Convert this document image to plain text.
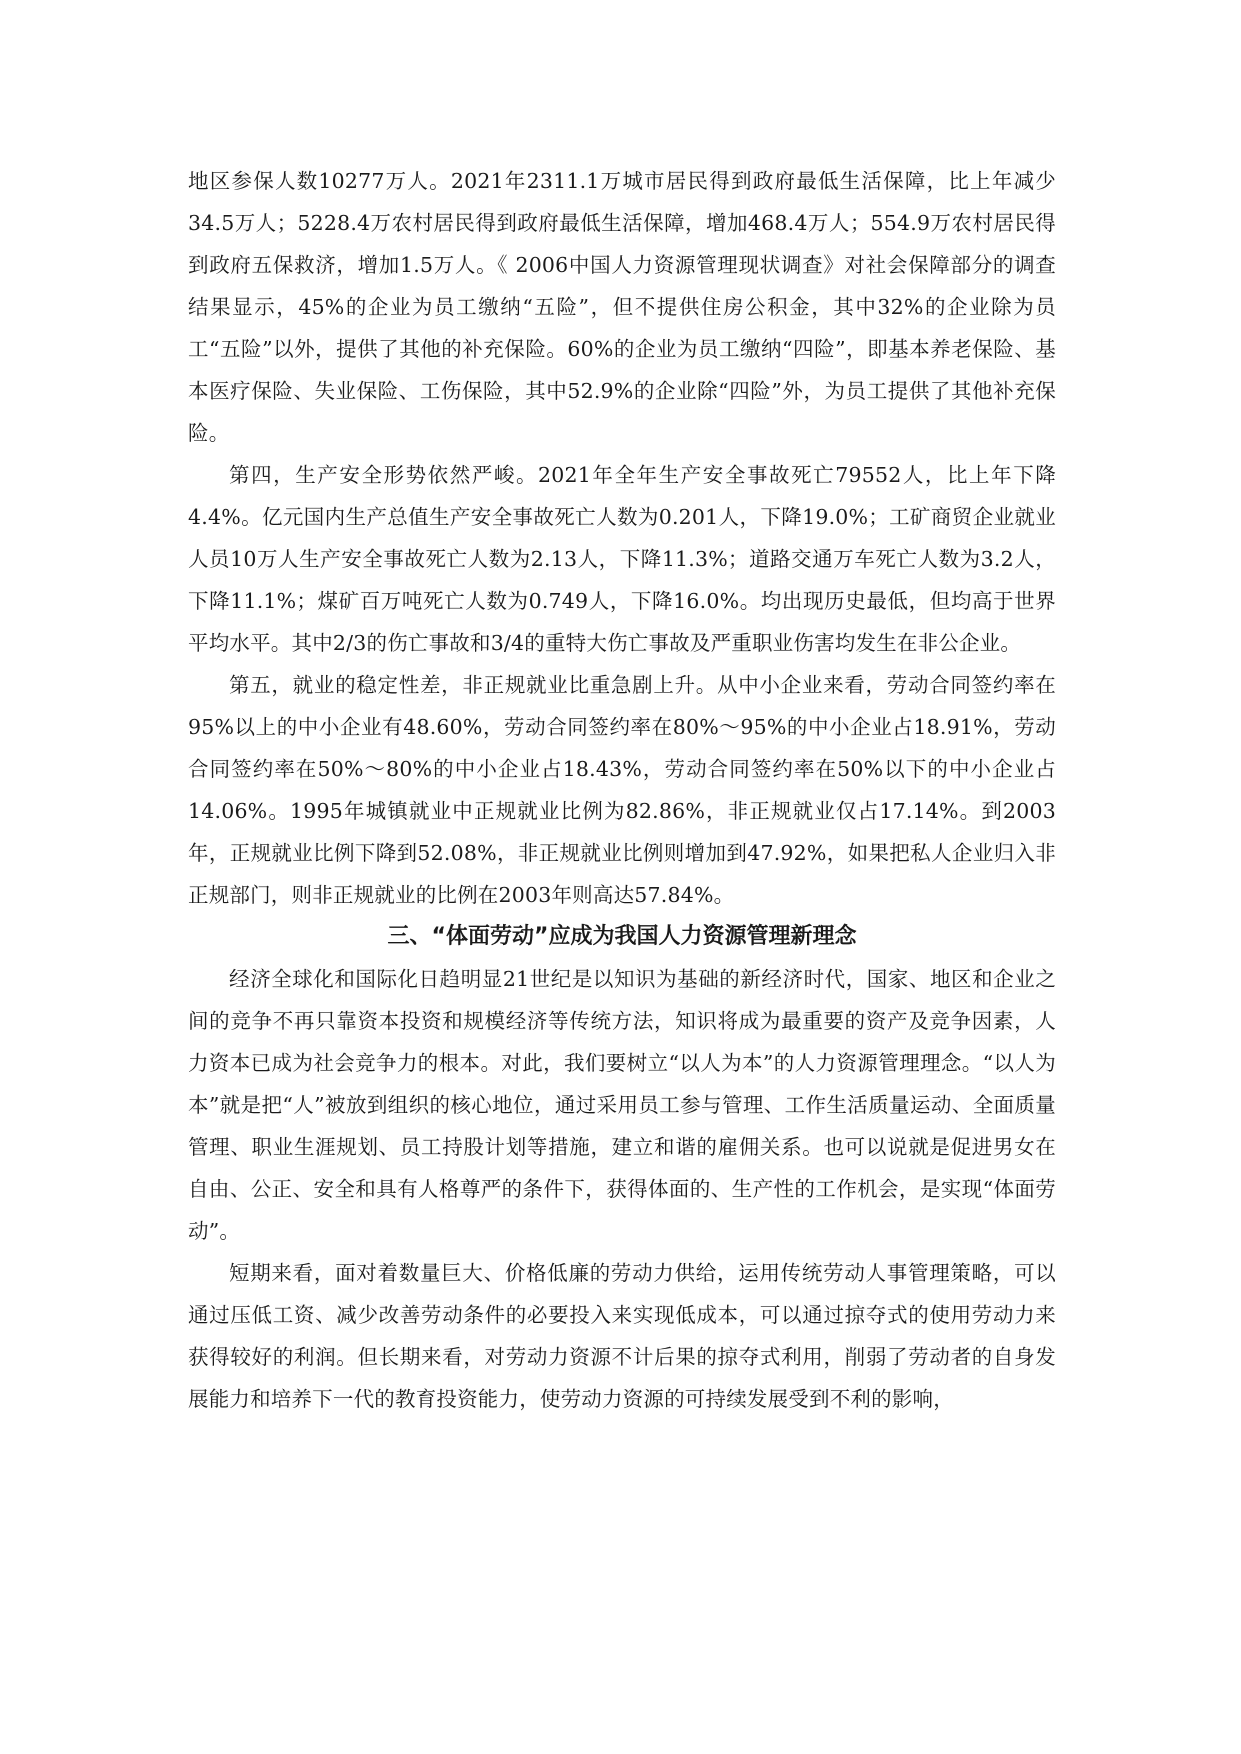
地区参保人数10277万人。2021年2311.1万城市居民得到政府最低生活保障，比上年减少34.5万人；5228.4万农村居民得到政府最低生活保障，增加468.4万人；554.9万农村居民得到政府五保救济，增加1.5万人。《 2006中国人力资源管理现状调查》对社会保障部分的调查结果显示，45%的企业为员工缴纳“五险”，但不提供住房公积金，其中32%的企业除为员工“五险”以外，提供了其他的补充保险。60%的企业为员工缴纳“四险”，即基本养老保险、基本医疗保险、失业保险、工伤保险，其中52.9%的企业除“四险”外，为员工提供了其他补充保险。

第四，生产安全形势依然严峻。2021年全年生产安全事故死亡79552人，比上年下降4.4%。亿元国内生产总值生产安全事故死亡人数为0.201人，下降19.0%；工矿商贸企业就业人员10万人生产安全事故死亡人数为2.13人，下降11.3%；道路交通万车死亡人数为3.2人，下降11.1%；煤矿百万吨死亡人数为0.749人，下降16.0%。均出现历史最低，但均高于世界平均水平。其中2/3的伤亡事故和3/4的重特大伤亡事故及严重职业伤害均发生在非公企业。

第五，就业的稳定性差，非正规就业比重急剧上升。从中小企业来看，劳动合同签约率在95%以上的中小企业有48.60%，劳动合同签约率在80%～95%的中小企业占18.91%，劳动合同签约率在50%～80%的中小企业占18.43%，劳动合同签约率在50%以下的中小企业占14.06%。1995年城镇就业中正规就业比例为82.86%，非正规就业仅占17.14%。到2003年，正规就业比例下降到52.08%，非正规就业比例则增加到47.92%，如果把私人企业归入非正规部门，则非正规就业的比例在2003年则高达57.84%。

三、“体面劳动”应成为我国人力资源管理新理念

经济全球化和国际化日趋明显21世纪是以知识为基础的新经济时代，国家、地区和企业之间的竞争不再只靠资本投资和规模经济等传统方法，知识将成为最重要的资产及竞争因素，人力资本已成为社会竞争力的根本。对此，我们要树立“以人为本”的人力资源管理理念。“以人为本”就是把“人”被放到组织的核心地位，通过采用员工参与管理、工作生活质量运动、全面质量管理、职业生涯规划、员工持股计划等措施，建立和谐的雇佣关系。也可以说就是促进男女在自由、公正、安全和具有人格尊严的条件下，获得体面的、生产性的工作机会，是实现“体面劳动”。

短期来看，面对着数量巨大、价格低廉的劳动力供给，运用传统劳动人事管理策略，可以通过压低工资、减少改善劳动条件的必要投入来实现低成本，可以通过掠夺式的使用劳动力来获得较好的利润。但长期来看，对劳动力资源不计后果的掠夺式利用，削弱了劳动者的自身发展能力和培养下一代的教育投资能力，使劳动力资源的可持续发展受到不利的影响，
